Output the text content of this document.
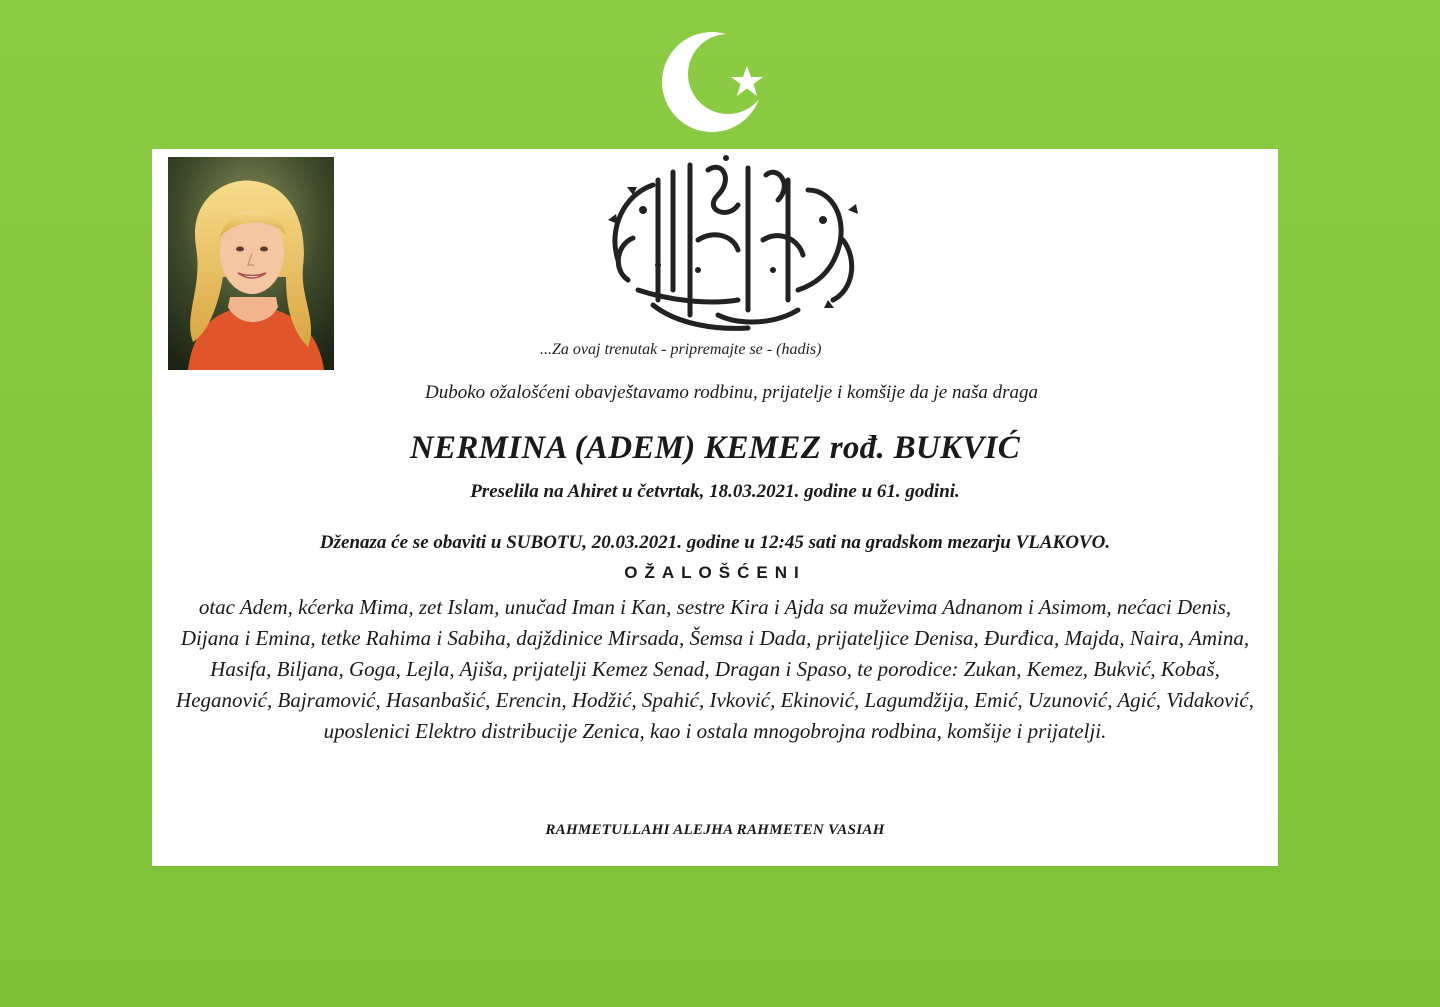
...Za ovaj trenutak - pripremajte se - (hadis)
Duboko ožalošćeni obavještavamo rodbinu, prijatelje i komšije da je naša draga
NERMINA (ADEM) KEMEZ rođ. BUKVIĆ
Preselila na Ahiret u četvrtak, 18.03.2021. godine u 61. godini.
Dženaza će se obaviti u SUBOTU, 20.03.2021. godine u 12:45 sati na gradskom mezarju VLAKOVO.
OŽALOŠĆENI
otac Adem, kćerka Mima, zet Islam, unučad Iman i Kan, sestre Kira i Ajda sa muževima Adnanom i Asimom, nećaci Denis, Dijana i Emina, tetke Rahima i Sabiha, dajždinice Mirsada, Šemsa i Dada, prijateljice Denisa, Đurđica, Majda, Naira, Amina, Hasifa, Biljana, Goga, Lejla, Ajiša, prijatelji Kemez Senad, Dragan i Spaso, te porodice: Zukan, Kemez, Bukvić, Kobaš, Heganović, Bajramović, Hasanbašić, Erencin, Hodžić, Spahić, Ivković, Ekinović, Lagumdžija, Emić, Uzunović, Agić, Vidaković, uposlenici Elektro distribucije Zenica, kao i ostala mnogobrojna rodbina, komšije i prijatelji.
RAHMETULLAHI ALEJHA RAHMETEN VASIAH
